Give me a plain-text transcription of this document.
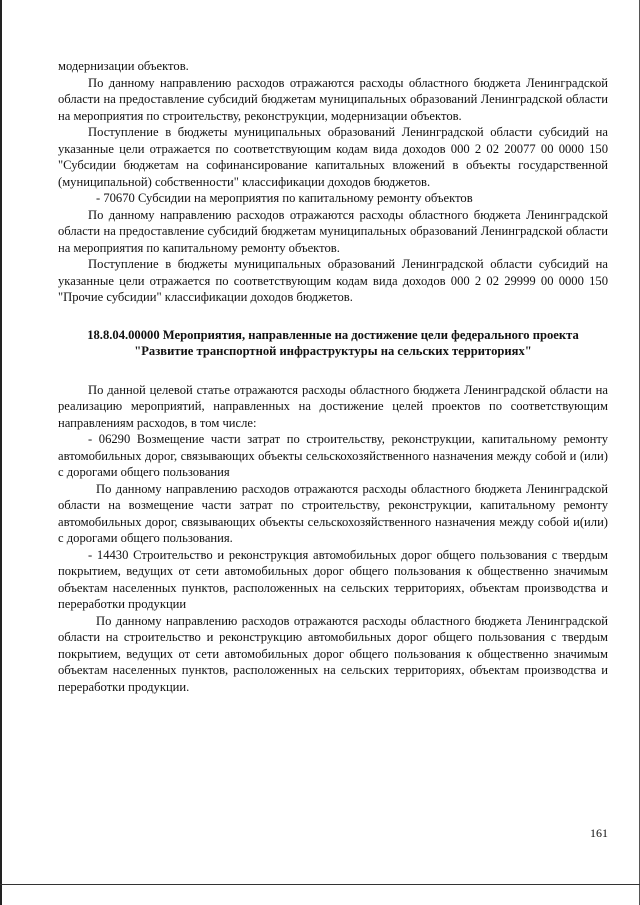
модернизации объектов.

По данному направлению расходов отражаются расходы областного бюджета Ленинградской области на предоставление субсидий бюджетам муниципальных образований Ленинградской области на мероприятия по строительству, реконструкции, модернизации объектов.

Поступление в бюджеты муниципальных образований Ленинградской области субсидий на указанные цели отражается по соответствующим кодам вида доходов 000 2 02 20077 00 0000 150 "Субсидии бюджетам на софинансирование капитальных вложений в объекты государственной (муниципальной) собственности" классификации доходов бюджетов.

- 70670 Субсидии на мероприятия по капитальному ремонту объектов

По данному направлению расходов отражаются расходы областного бюджета Ленинградской области на предоставление субсидий бюджетам муниципальных образований Ленинградской области на мероприятия по капитальному ремонту объектов.

Поступление в бюджеты муниципальных образований Ленинградской области субсидий на указанные цели отражается по соответствующим кодам вида доходов 000 2 02 29999 00 0000 150 "Прочие субсидии" классификации доходов бюджетов.

18.8.04.00000 Мероприятия, направленные на достижение цели федерального проекта "Развитие транспортной инфраструктуры на сельских территориях"

По данной целевой статье отражаются расходы областного бюджета Ленинградской области на реализацию мероприятий, направленных на достижение целей проектов по соответствующим направлениям расходов, в том числе:

- 06290 Возмещение части затрат по строительству, реконструкции, капитальному ремонту автомобильных дорог, связывающих объекты сельскохозяйственного назначения между собой и (или) с дорогами общего пользования

По данному направлению расходов отражаются расходы областного бюджета Ленинградской области на возмещение части затрат по строительству, реконструкции, капитальному ремонту автомобильных дорог, связывающих объекты сельскохозяйственного назначения между собой и(или) с дорогами общего пользования.

- 14430 Строительство и реконструкция автомобильных дорог общего пользования с твердым покрытием, ведущих от сети автомобильных дорог общего пользования к общественно значимым объектам населенных пунктов, расположенных на сельских территориях, объектам производства и переработки продукции

По данному направлению расходов отражаются расходы областного бюджета Ленинградской области на строительство и реконструкцию автомобильных дорог общего пользования с твердым покрытием, ведущих от сети автомобильных дорог общего пользования к общественно значимым объектам населенных пунктов, расположенных на сельских территориях, объектам производства и переработки продукции.

161
